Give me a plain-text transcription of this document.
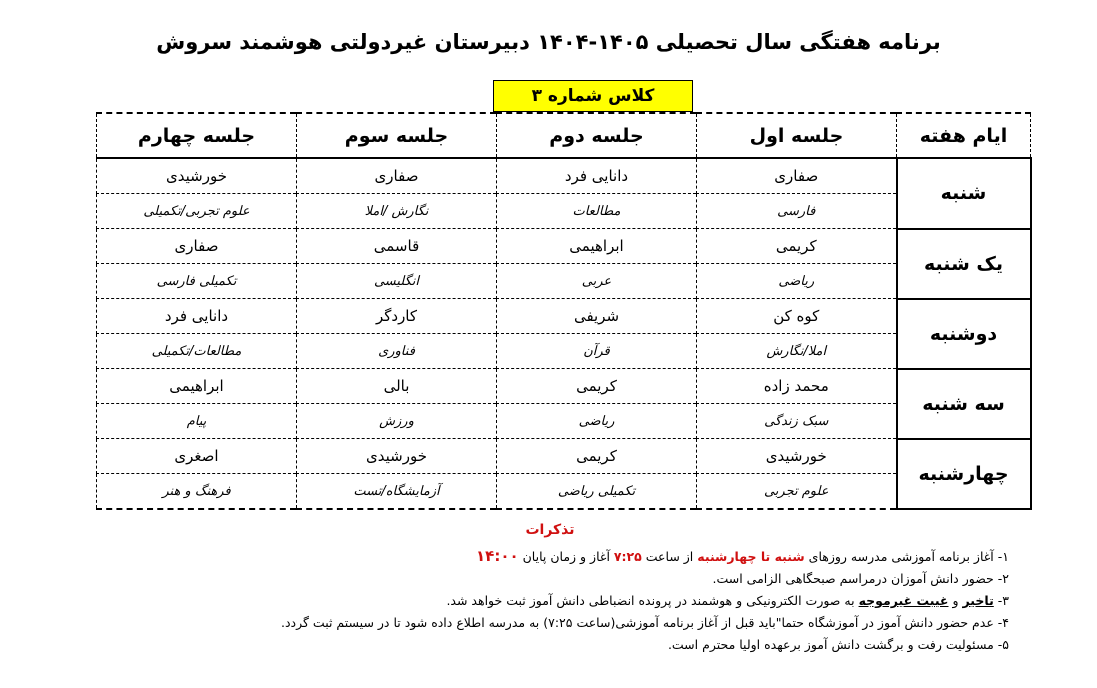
برنامه هفتگی سال تحصیلی ۱۴۰۵-۱۴۰۴ دبیرستان غیردولتی هوشمند سروش
کلاس شماره ۳
ایام هفته	جلسه اول	جلسه دوم	جلسه سوم	جلسه چهارم
شنبه	صفاری	دانایی فرد	صفاری	خورشیدی
	فارسی	مطالعات	نگارش /املا	علوم تجربی/تکمیلی
یک شنبه	کریمی	ابراهیمی	قاسمی	صفاری
	ریاضی	عربی	انگلیسی	تکمیلی فارسی
دوشنبه	کوه کن	شریفی	کاردگر	دانایی فرد
	املا/نگارش	قرآن	فناوری	مطالعات/تکمیلی
سه شنبه	محمد زاده	کریمی	بالی	ابراهیمی
	سبک زندگی	ریاضی	ورزش	پیام
چهارشنبه	خورشیدی	کریمی	خورشیدی	اصغری
	علوم تجربی	تکمیلی ریاضی	آزمایشگاه/تست	فرهنگ و هنر
تذکرات
۱- آغاز برنامه آموزشی مدرسه روزهای شنبه تا چهارشنبه از ساعت ۷:۲۵ آغاز و زمان پایان ۱۴:۰۰
۲- حضور دانش آموزان درمراسم صبحگاهی الزامی است.
۳- تاخیر و غیبت غیرموجه به صورت الکترونیکی و هوشمند در پرونده انضباطی دانش آموز ثبت خواهد شد.
۴- عدم حضور دانش آموز در آموزشگاه حتما"باید قبل از آغاز برنامه آموزشی(ساعت ۷:۲۵) به مدرسه اطلاع داده شود تا در سیستم ثبت گردد.
۵- مسئولیت رفت و برگشت دانش آموز برعهده اولیا محترم است.
